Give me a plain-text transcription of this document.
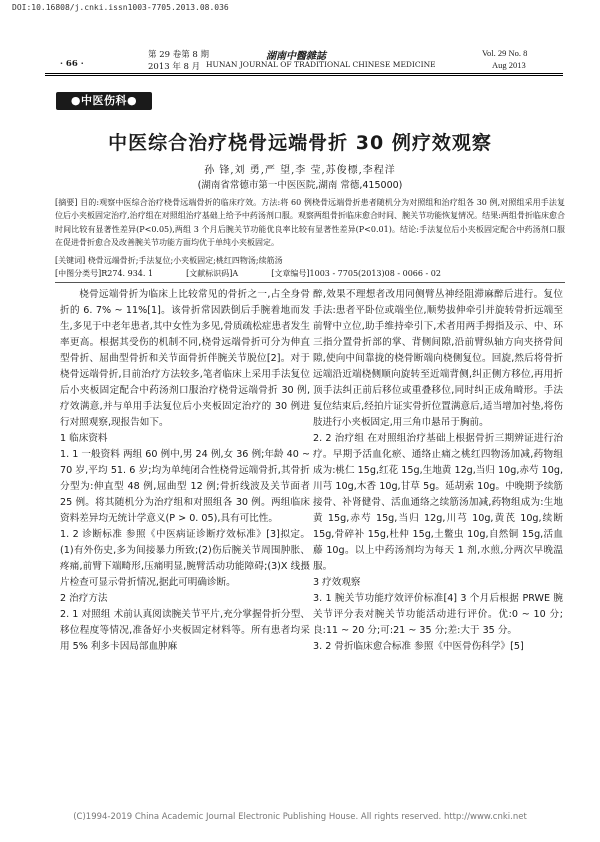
DOI:10.16808/j.cnki.issn1003-7705.2013.08.036
· 66 ·
第 29 卷第 8 期
2013 年 8 月
湖南中醫雜誌
HUNAN JOURNAL OF TRADITIONAL CHINESE MEDICINE
Vol. 29 No. 8
Aug 2013
●中医伤科●
中医综合治疗桡骨远端骨折 30 例疗效观察
孙 锋,刘 勇,严 望,李 莹,苏俊標,李程洋
(湖南省常德市第一中医医院,湖南 常德,415000)
[摘要] 目的:观察中医综合治疗桡骨远端骨折的临床疗效。方法:将 60 例桡骨远端骨折患者随机分为对照组和治疗组各 30 例,对照组采用手法复位后小夹板固定治疗,治疗组在对照组治疗基础上给予中药汤剂口服。观察两组骨折临床愈合时间、腕关节功能恢复情况。结果:两组骨折临床愈合时间比较有显著性差异(P<0.05),两组 3 个月后腕关节功能优良率比较有显著性差异(P<0.01)。结论:手法复位后小夹板固定配合中药汤剂口服在促进骨折愈合及改善腕关节功能方面均优于单纯小夹板固定。
[关键词] 桡骨远端骨折;手法复位;小夹板固定;桃红四物汤;续筋汤
[中图分类号]R274. 934. 1	[文献标识码]A	[文章编号]1003 - 7705(2013)08 - 0066 - 02

桡骨远端骨折为临床上比较常见的骨折之一,占全身骨折的 6. 7% ~ 11%[1]。该骨折常因跌倒后手腕着地而发生,多见于中老年患者,其中女性为多见,骨质疏松症患者发生率更高。根据其受伤的机制不同,桡骨远端骨折可分为伸直型骨折、屈曲型骨折和关节面骨折伴腕关节脱位[2]。对于桡骨远端骨折,目前治疗方法较多,笔者临床上采用手法复位后小夹板固定配合中药汤剂口服治疗桡骨远端骨折 30 例,疗效满意,并与单用手法复位后小夹板固定治疗的 30 例进行对照观察,现报告如下。

1 临床资料

1. 1 一般资料 两组 60 例中,男 24 例,女 36 例;年龄 40 ~ 70 岁,平均 51. 6 岁;均为单纯闭合性桡骨远端骨折,其骨折分型为:伸直型 48 例,屈曲型 12 例;骨折线波及关节面者 25 例。将其随机分为治疗组和对照组各 30 例。两组临床资料差异均无统计学意义(P > 0. 05),具有可比性。

1. 2 诊断标准 参照《中医病证诊断疗效标准》[3]拟定。(1)有外伤史,多为间接暴力所致;(2)伤后腕关节周围肿胀、疼痛,前臂下端畸形,压痛明显,腕臂活动功能障碍;(3)X 线摄片检查可显示骨折情况,据此可明确诊断。

2 治疗方法

2. 1 对照组 术前认真阅读腕关节平片,充分掌握骨折分型、移位程度等情况,准备好小夹板固定材料等。所有患者均采用 5% 利多卡因局部血肿麻

醉,效果不理想者改用同侧臂丛神经阻滞麻醉后进行。复位手法:患者平卧位或端坐位,顺势拔伸牵引并旋转骨折远端至前臂中立位,助手维持牵引下,术者用两手拇指及示、中、环三指分置骨折部的掌、背侧间隙,沿前臂纵轴方向夹挤骨间隙,使向中间靠拢的桡骨断端向桡侧复位。回旋,然后将骨折远端沿近端桡侧顺向旋转至近端背侧,纠正侧方移位,再用折顶手法纠正前后移位或重叠移位,同时纠正成角畸形。手法复位结束后,经拍片证实骨折位置满意后,适当增加衬垫,将伤肢进行小夹板固定,用三角巾悬吊于胸前。

2. 2 治疗组 在对照组治疗基础上根据骨折三期辨证进行治疗。早期予活血化瘀、通络止痛之桃红四物汤加减,药物组成为:桃仁 15g,红花 15g,生地黄 12g,当归 10g,赤芍 10g,川芎 10g,木香 10g,甘草 5g。延胡索 10g。中晚期予续筋接骨、补肾健骨、活血通络之续筋汤加减,药物组成为:生地黄 15g,赤芍 15g,当归 12g,川芎 10g,黄芪 10g,续断 15g,骨碎补 15g,杜仲 15g,土鳖虫 10g,自然铜 15g,活血藤 10g。以上中药汤剂均为每天 1 剂,水煎,分两次早晚温服。

3 疗效观察

3. 1 腕关节功能疗效评价标准[4] 3 个月后根据 PRWE 腕关节评分表对腕关节功能活动进行评价。优:0 ~ 10 分;良:11 ~ 20 分;可:21 ~ 35 分;差:大于 35 分。

3. 2 骨折临床愈合标准 参照《中医骨伤科学》[5]

(C)1994-2019 China Academic Journal Electronic Publishing House. All rights reserved. http://www.cnki.net
